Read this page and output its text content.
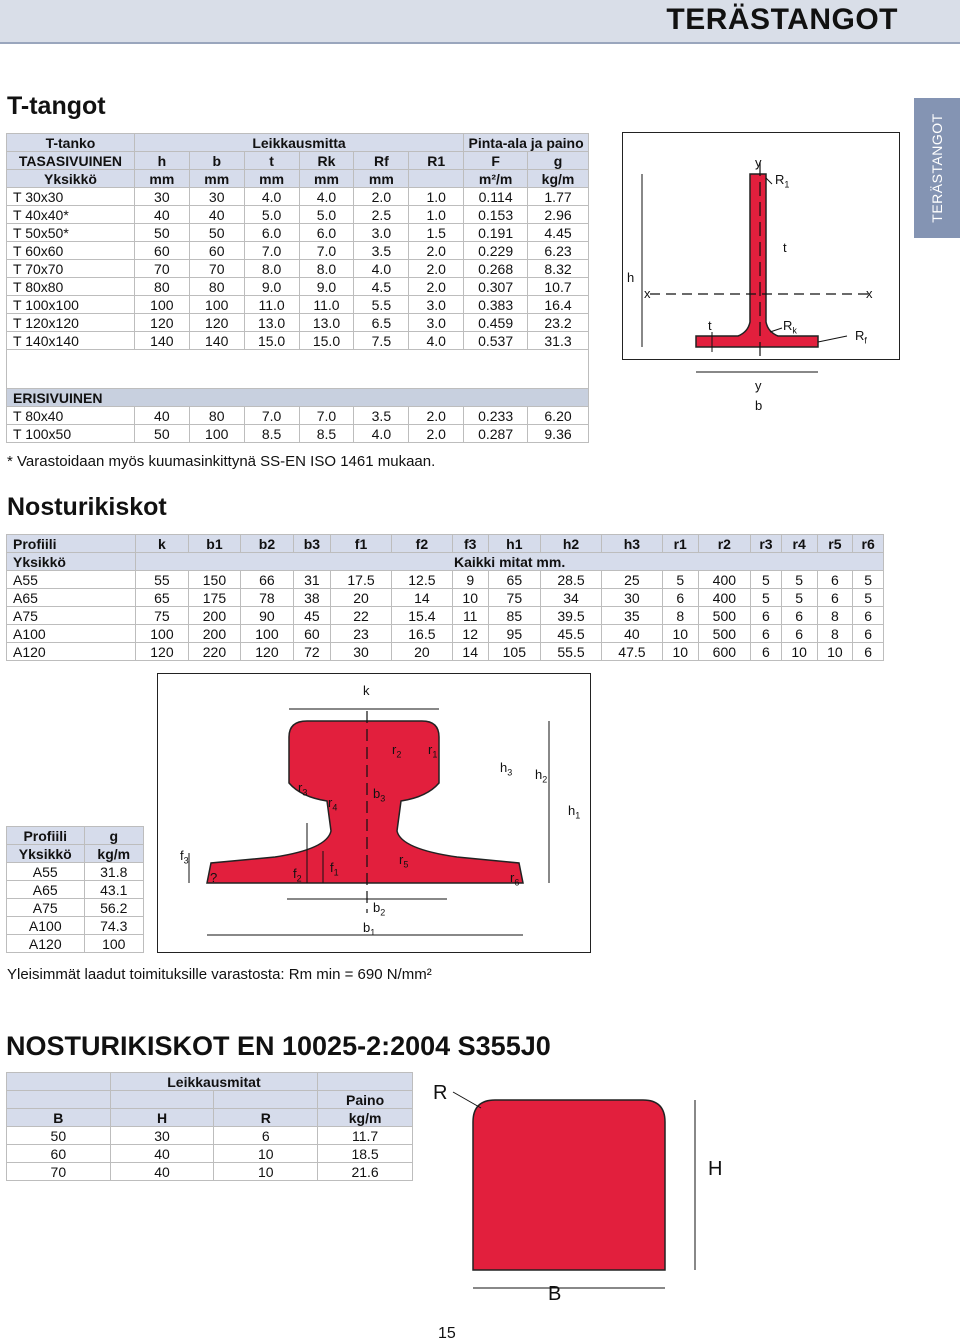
TERÄSTANGOT
TERÄSTANGOT
T-tangot
T-tanko	Leikkausmitta						Pinta-ala ja paino	
TASASIVUINEN	h	b	t	Rk	Rf	R1	F	g
Yksikkö	mm	mm	mm	mm	mm		m²/m	kg/m
T 30x30	30	30	4.0	4.0	2.0	1.0	0.114	1.77
T 40x40*	40	40	5.0	5.0	2.5	1.0	0.153	2.96
T 50x50*	50	50	6.0	6.0	3.0	1.5	0.191	4.45
T 60x60	60	60	7.0	7.0	3.5	2.0	0.229	6.23
T 70x70	70	70	8.0	8.0	4.0	2.0	0.268	8.32
T 80x80	80	80	9.0	9.0	4.5	2.0	0.307	10.7
T 100x100	100	100	11.0	11.0	5.5	3.0	0.383	16.4
T 120x120	120	120	13.0	13.0	6.5	3.0	0.459	23.2
T 140x140	140	140	15.0	15.0	7.5	4.0	0.537	31.3

ERISIVUINEN								
T 80x40	40	80	7.0	7.0	3.5	2.0	0.233	6.20
T 100x50	50	100	8.5	8.5	4.0	2.0	0.287	9.36
y
$R_1$
t
h
x	x
t	$R_k$	$R_f$
y
b
* Varastoidaan myös kuumasinkittynä SS-EN ISO 1461 mukaan.
Nosturikiskot
Profiili	k	b1	b2	b3	f1	f2	f3	h1	h2	h3	r1	r2	r3	r4	r5	r6
Yksikkö	Kaikki mitat mm.															
A55	55	150	66	31	17.5	12.5	9	65	28.5	25	5	400	5	5	6	5
A65	65	175	78	38	20	14	10	75	34	30	6	400	5	5	6	5
A75	75	200	90	45	22	15.4	11	85	39.5	35	8	500	6	6	8	6
A100	100	200	100	60	23	16.5	12	95	45.5	40	10	500	6	6	8	6
A120	120	220	120	72	30	20	14	105	55.5	47.5	10	600	6	10	10	6
k
$r_2$ $r_1$
$h_3$ $h_2$
$r_3$	$b_3$
$r_4$	$h_1$
$f_3$	$r_5$
$f_1$
$f_2$	$r_6$
?
$b_2$
$b_1$
Profiili	g
Yksikkö	kg/m
A55	31.8
A65	43.1
A75	56.2
A100	74.3
A120	100
Yleisimmät laadut toimituksille varastosta: Rm min = 690 N/mm²
NOSTURIKISKOT EN 10025-2:2004 S355J0
	Leikkausmitat		
			Paino
B	H	R	kg/m
50	30	6	11.7
60	40	10	18.5
70	40	10	21.6
R
H
B
15
